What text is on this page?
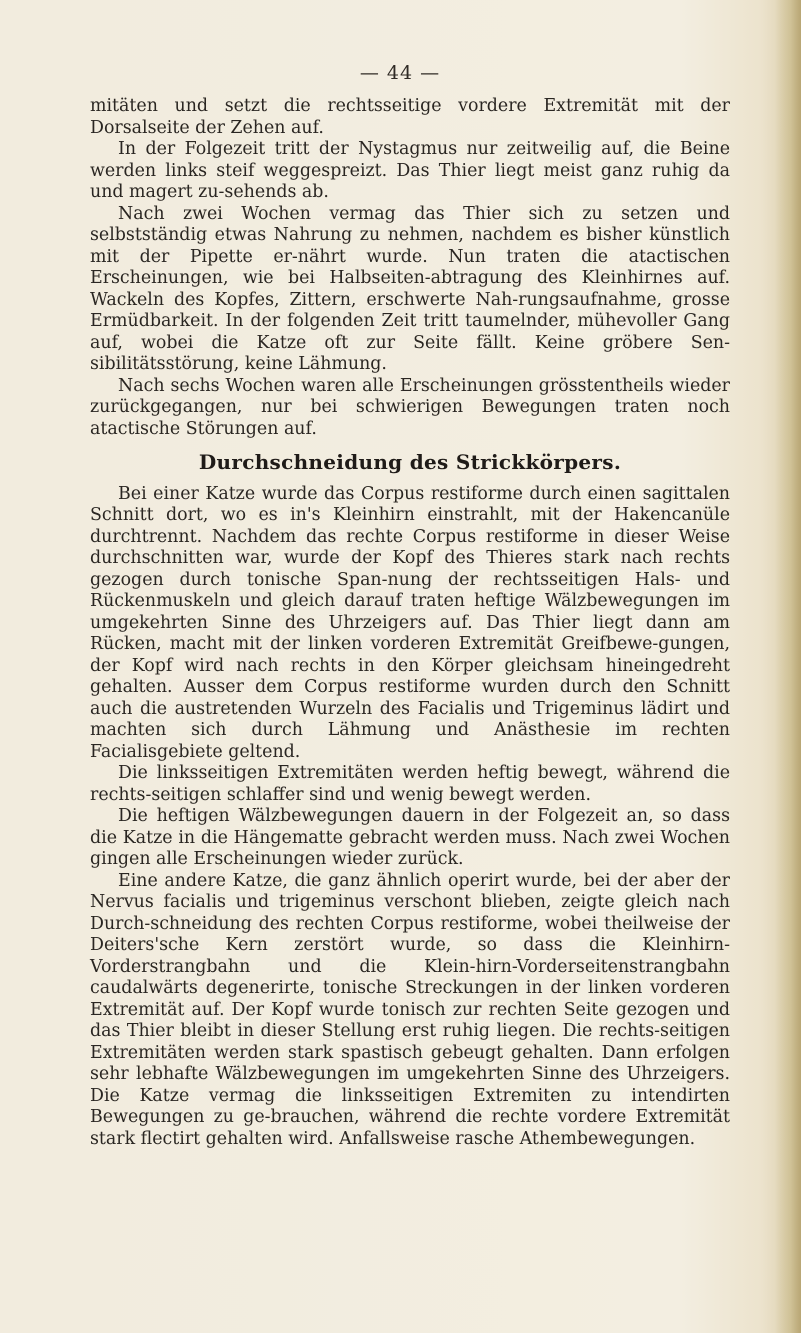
— 44 —

mitäten und setzt die rechtsseitige vordere Extremität mit der Dorsalseite der Zehen auf.

In der Folgezeit tritt der Nystagmus nur zeitweilig auf, die Beine werden links steif weggespreizt. Das Thier liegt meist ganz ruhig da und magert zu-sehends ab.

Nach zwei Wochen vermag das Thier sich zu setzen und selbstständig etwas Nahrung zu nehmen, nachdem es bisher künstlich mit der Pipette er-nährt wurde. Nun traten die atactischen Erscheinungen, wie bei Halbseiten-abtragung des Kleinhirnes auf. Wackeln des Kopfes, Zittern, erschwerte Nah-rungsaufnahme, grosse Ermüdbarkeit. In der folgenden Zeit tritt taumelnder, mühevoller Gang auf, wobei die Katze oft zur Seite fällt. Keine gröbere Sen-sibilitätsstörung, keine Lähmung.

Nach sechs Wochen waren alle Erscheinungen grösstentheils wieder zurückgegangen, nur bei schwierigen Bewegungen traten noch atactische Störungen auf.

Durchschneidung des Strickkörpers.

Bei einer Katze wurde das Corpus restiforme durch einen sagittalen Schnitt dort, wo es in's Kleinhirn einstrahlt, mit der Hakencanüle durchtrennt. Nachdem das rechte Corpus restiforme in dieser Weise durchschnitten war, wurde der Kopf des Thieres stark nach rechts gezogen durch tonische Span-nung der rechtsseitigen Hals- und Rückenmuskeln und gleich darauf traten heftige Wälzbewegungen im umgekehrten Sinne des Uhrzeigers auf. Das Thier liegt dann am Rücken, macht mit der linken vorderen Extremität Greifbewe-gungen, der Kopf wird nach rechts in den Körper gleichsam hineingedreht gehalten. Ausser dem Corpus restiforme wurden durch den Schnitt auch die austretenden Wurzeln des Facialis und Trigeminus lädirt und machten sich durch Lähmung und Anästhesie im rechten Facialisgebiete geltend.

Die linksseitigen Extremitäten werden heftig bewegt, während die rechts-seitigen schlaffer sind und wenig bewegt werden.

Die heftigen Wälzbewegungen dauern in der Folgezeit an, so dass die Katze in die Hängematte gebracht werden muss. Nach zwei Wochen gingen alle Erscheinungen wieder zurück.

Eine andere Katze, die ganz ähnlich operirt wurde, bei der aber der Nervus facialis und trigeminus verschont blieben, zeigte gleich nach Durch-schneidung des rechten Corpus restiforme, wobei theilweise der Deiters'sche Kern zerstört wurde, so dass die Kleinhirn-Vorderstrangbahn und die Klein-hirn-Vorderseitenstrangbahn caudalwärts degenerirte, tonische Streckungen in der linken vorderen Extremität auf. Der Kopf wurde tonisch zur rechten Seite gezogen und das Thier bleibt in dieser Stellung erst ruhig liegen. Die rechts-seitigen Extremitäten werden stark spastisch gebeugt gehalten. Dann erfolgen sehr lebhafte Wälzbewegungen im umgekehrten Sinne des Uhrzeigers. Die Katze vermag die linksseitigen Extremiten zu intendirten Bewegungen zu ge-brauchen, während die rechte vordere Extremität stark flectirt gehalten wird. Anfallsweise rasche Athembewegungen.
